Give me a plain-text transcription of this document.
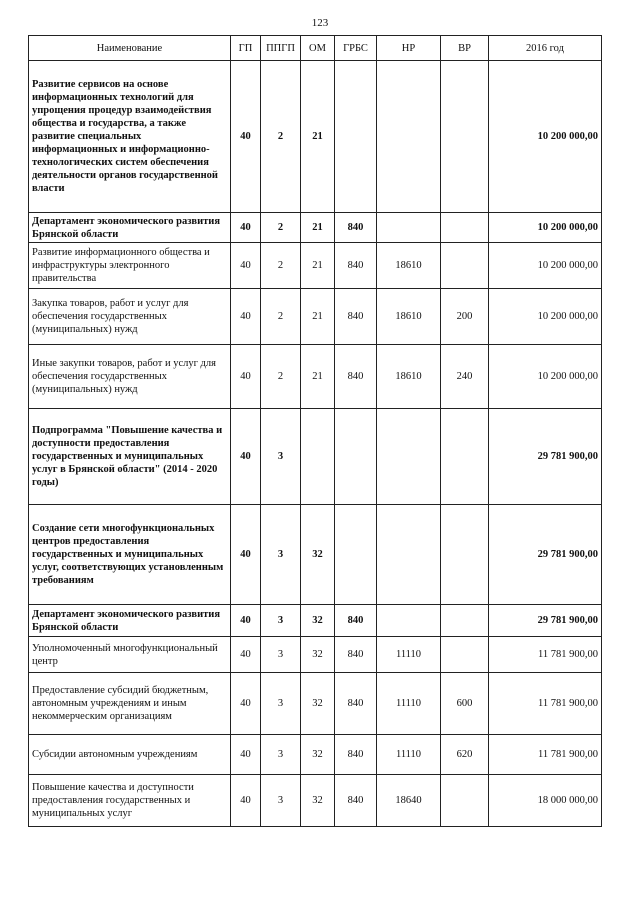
123
Наименование	ГП	ППГП	ОМ	ГРБС	НР	ВР	2016 год
Развитие сервисов на основе информационных технологий для упрощения процедур взаимодействия общества и государства, а также развитие специальных информационных и информационно-технологических систем обеспечения деятельности органов государственной власти	40	2	21				10 200 000,00
Департамент экономического развития Брянской области	40	2	21	840			10 200 000,00
Развитие информационного общества и инфраструктуры электронного правительства	40	2	21	840	18610		10 200 000,00
Закупка товаров, работ и услуг для обеспечения государственных (муниципальных) нужд	40	2	21	840	18610	200	10 200 000,00
Иные закупки товаров, работ и услуг для обеспечения государственных (муниципальных) нужд	40	2	21	840	18610	240	10 200 000,00
Подпрограмма "Повышение качества и доступности предоставления государственных и муниципальных услуг в Брянской области" (2014 - 2020 годы)	40	3					29 781 900,00
Создание сети многофункциональных центров предоставления государственных и муниципальных услуг, соответствующих установленным требованиям	40	3	32				29 781 900,00
Департамент экономического развития Брянской области	40	3	32	840			29 781 900,00
Уполномоченный многофункциональный центр	40	3	32	840	11110		11 781 900,00
Предоставление субсидий бюджетным, автономным учреждениям и иным некоммерческим организациям	40	3	32	840	11110	600	11 781 900,00
Субсидии автономным учреждениям	40	3	32	840	11110	620	11 781 900,00
Повышение качества и доступности предоставления государственных и муниципальных услуг	40	3	32	840	18640		18 000 000,00
